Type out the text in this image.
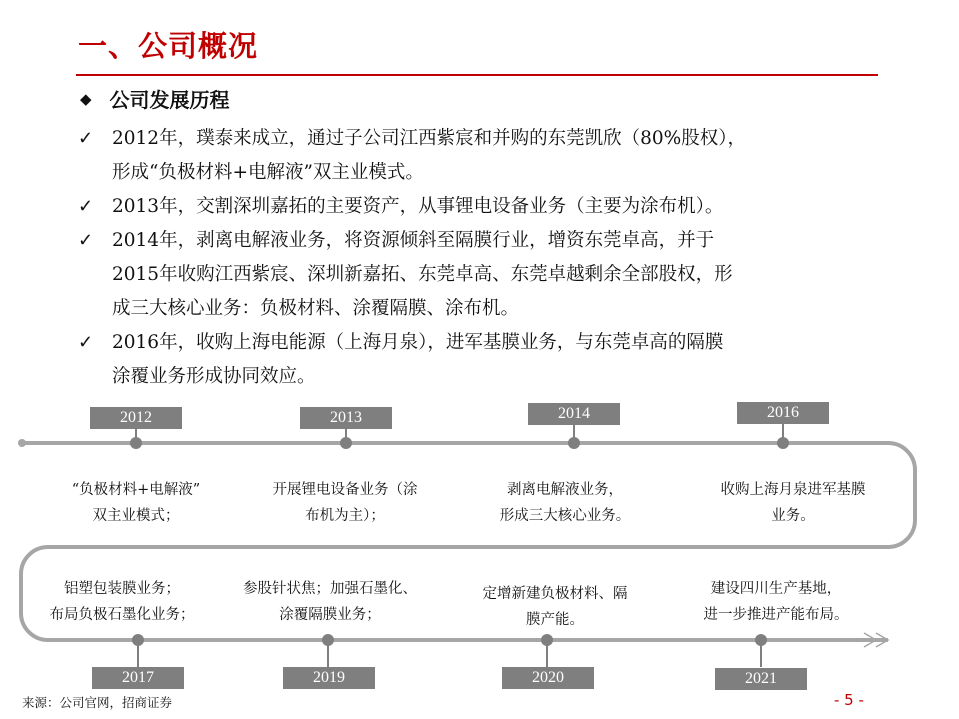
一、公司概况
◆ 公司发展历程
✓	2012年，璞泰来成立，通过子公司江西紫宸和并购的东莞凯欣（80%股权），
形成“负极材料+电解液”双主业模式。
✓	2013年，交割深圳嘉拓的主要资产，从事锂电设备业务（主要为涂布机）。
✓	2014年，剥离电解液业务，将资源倾斜至隔膜行业，增资东莞卓高，并于
2015年收购江西紫宸、深圳新嘉拓、东莞卓高、东莞卓越剩余全部股权，形
成三大核心业务：负极材料、涂覆隔膜、涂布机。
✓	2016年，收购上海电能源（上海月泉），进军基膜业务，与东莞卓高的隔膜
涂覆业务形成协同效应。
2012	2013	2014	2016
“负极材料+电解液”
双主业模式；
开展锂电设备业务（涂
布机为主）；
剥离电解液业务，
形成三大核心业务。
收购上海月泉进军基膜
业务。
铝塑包装膜业务；
布局负极石墨化业务；
参股针状焦；加强石墨化、
涂覆隔膜业务；
定增新建负极材料、隔
膜产能。
建设四川生产基地，
进一步推进产能布局。
2017	2019	2020	2021
来源：公司官网，招商证券	- 5 -
